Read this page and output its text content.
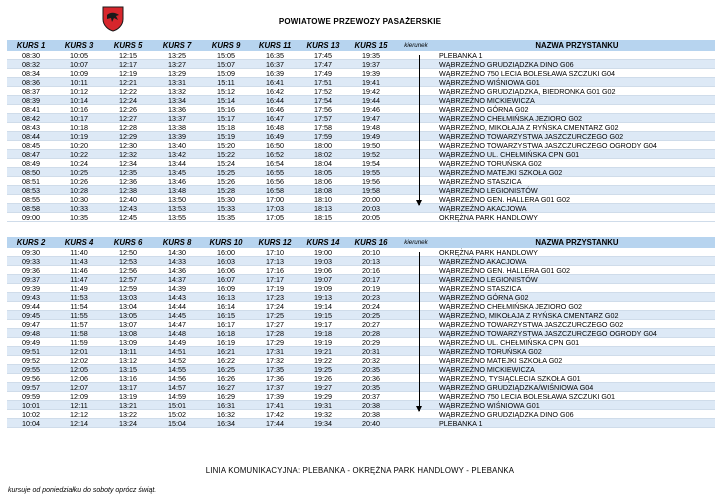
POWIATOWE PRZEWOZY PASAŻERSKIE
KURS 1	KURS 3	KURS 5	KURS 7	KURS 9	KURS 11	KURS 13	KURS 15	kierunek	NAZWA PRZYSTANKU
08:30	10:05	12:15	13:25	15:05	16:35	17:45	19:35	PLEBANKA 1
08:32	10:07	12:17	13:27	15:07	16:37	17:47	19:37	WĄBRZEŹNO GRUDZIĄDZKA DINO G06
08:34	10:09	12:19	13:29	15:09	16:39	17:49	19:39	WĄBRZEŹNO 750 LECIA BOLESŁAWA SZCZUKI G04
08:36	10:11	12:21	13:31	15:11	16:41	17:51	19:41	WĄBRZEŹNO WIŚNIOWA G01
08:37	10:12	12:22	13:32	15:12	16:42	17:52	19:42	WĄBRZEŹNO GRUDZIĄDZKA, BIEDRONKA G01 G02
08:39	10:14	12:24	13:34	15:14	16:44	17:54	19:44	WĄBRZEŹNO MICKIEWICZA
08:41	10:16	12:26	13:36	15:16	16:46	17:56	19:46	WĄBRZEŹNO GÓRNA G02
08:42	10:17	12:27	13:37	15:17	16:47	17:57	19:47	WĄBRZEŹNO CHEŁMIŃSKA JEZIORO G02
08:43	10:18	12:28	13:38	15:18	16:48	17:58	19:48	WĄBRZEŹNO, MIKOŁAJA Z RYŃSKA CMENTARZ G02
08:44	10:19	12:29	13:39	15:19	16:49	17:59	19:49	WĄBRZEŹNO TOWARZYSTWA JASZCZURCZEGO G02
08:45	10:20	12:30	13:40	15:20	16:50	18:00	19:50	WĄBRZEŹNO TOWARZYSTWA JASZCZURCZEGO OGRODY G04
08:47	10:22	12:32	13:42	15:22	16:52	18:02	19:52	WĄBRZEŹNO UL. CHEŁMIŃSKA CPN G01
08:49	10:24	12:34	13:44	15:24	16:54	18:04	19:54	WĄBRZEŹNO TORUŃSKA G02
08:50	10:25	12:35	13:45	15:25	16:55	18:05	19:55	WĄBRZEŹNO MATEJKI SZKOŁA G02
08:51	10:26	12:36	13:46	15:26	16:56	18:06	19:56	WĄBRZEŹNO STASZICA
08:53	10:28	12:38	13:48	15:28	16:58	18:08	19:58	WĄBRZEŹNO LEGIONISTÓW
08:55	10:30	12:40	13:50	15:30	17:00	18:10	20:00	WĄBRZEŹNO GEN. HALLERA G01 G02
08:58	10:33	12:43	13:53	15:33	17:03	18:13	20:03	WĄBRZEŹNO AKACJOWA
09:00	10:35	12:45	13:55	15:35	17:05	18:15	20:05	OKRĘŻNA PARK HANDLOWY
KURS 2	KURS 4	KURS 6	KURS 8	KURS 10	KURS 12	KURS 14	KURS 16	kierunek	NAZWA PRZYSTANKU
09:30	11:40	12:50	14:30	16:00	17:10	19:00	20:10	OKRĘŻNA PARK HANDLOWY
09:33	11:43	12:53	14:33	16:03	17:13	19:03	20:13	WĄBRZEŹNO AKACJOWA
09:36	11:46	12:56	14:36	16:06	17:16	19:06	20:16	WĄBRZEŹNO GEN. HALLERA G01 G02
09:37	11:47	12:57	14:37	16:07	17:17	19:07	20:17	WĄBRZEŹNO LEGIONISTÓW
09:39	11:49	12:59	14:39	16:09	17:19	19:09	20:19	WĄBRZEŹNO STASZICA
09:43	11:53	13:03	14:43	16:13	17:23	19:13	20:23	WĄBRZEŹNO GÓRNA G02
09:44	11:54	13:04	14:44	16:14	17:24	19:14	20:24	WĄBRZEŹNO CHEŁMIŃSKA JEZIORO G02
09:45	11:55	13:05	14:45	16:15	17:25	19:15	20:25	WĄBRZEŹNO, MIKOŁAJA Z RYŃSKA CMENTARZ G02
09:47	11:57	13:07	14:47	16:17	17:27	19:17	20:27	WĄBRZEŹNO TOWARZYSTWA JASZCZURCZEGO G02
09:48	11:58	13:08	14:48	16:18	17:28	19:18	20:28	WĄBRZEŹNO TOWARZYSTWA JASZCZURCZEGO OGRODY G04
09:49	11:59	13:09	14:49	16:19	17:29	19:19	20:29	WĄBRZEŹNO UL. CHEŁMIŃSKA CPN G01
09:51	12:01	13:11	14:51	16:21	17:31	19:21	20:31	WĄBRZEŹNO TORUŃSKA G02
09:52	12:02	13:12	14:52	16:22	17:32	19:22	20:32	WĄBRZEŹNO MATEJKI SZKOŁA G02
09:55	12:05	13:15	14:55	16:25	17:35	19:25	20:35	WĄBRZEŹNO MICKIEWICZA
09:56	12:06	13:16	14:56	16:26	17:36	19:26	20:36	WĄBRZEŹNO, TYSIĄCLECIA SZKOŁA G01
09:57	12:07	13:17	14:57	16:27	17:37	19:27	20:35	WĄBRZEŹNO GRUDZIĄDZKA/WIŚNIOWA G04
09:59	12:09	13:19	14:59	16:29	17:39	19:29	20:37	WĄBRZEŹNO 750 LECIA BOLESŁAWA SZCZUKI G01
10:01	12:11	13:21	15:01	16:31	17:41	19:31	20:38	WĄBRZEŹNO WIŚNIOWA G01
10:02	12:12	13:22	15:02	16:32	17:42	19:32	20:38	WĄBRZEŹNO GRUDZIĄDZKA DINO G06
10:04	12:14	13:24	15:04	16:34	17:44	19:34	20:40	PLEBANKA 1
LINIA KOMUNIKACYJNA: PLEBANKA - OKRĘŻNA PARK HANDLOWY - PLEBANKA
kursuje od poniedziałku do soboty oprócz świąt.
